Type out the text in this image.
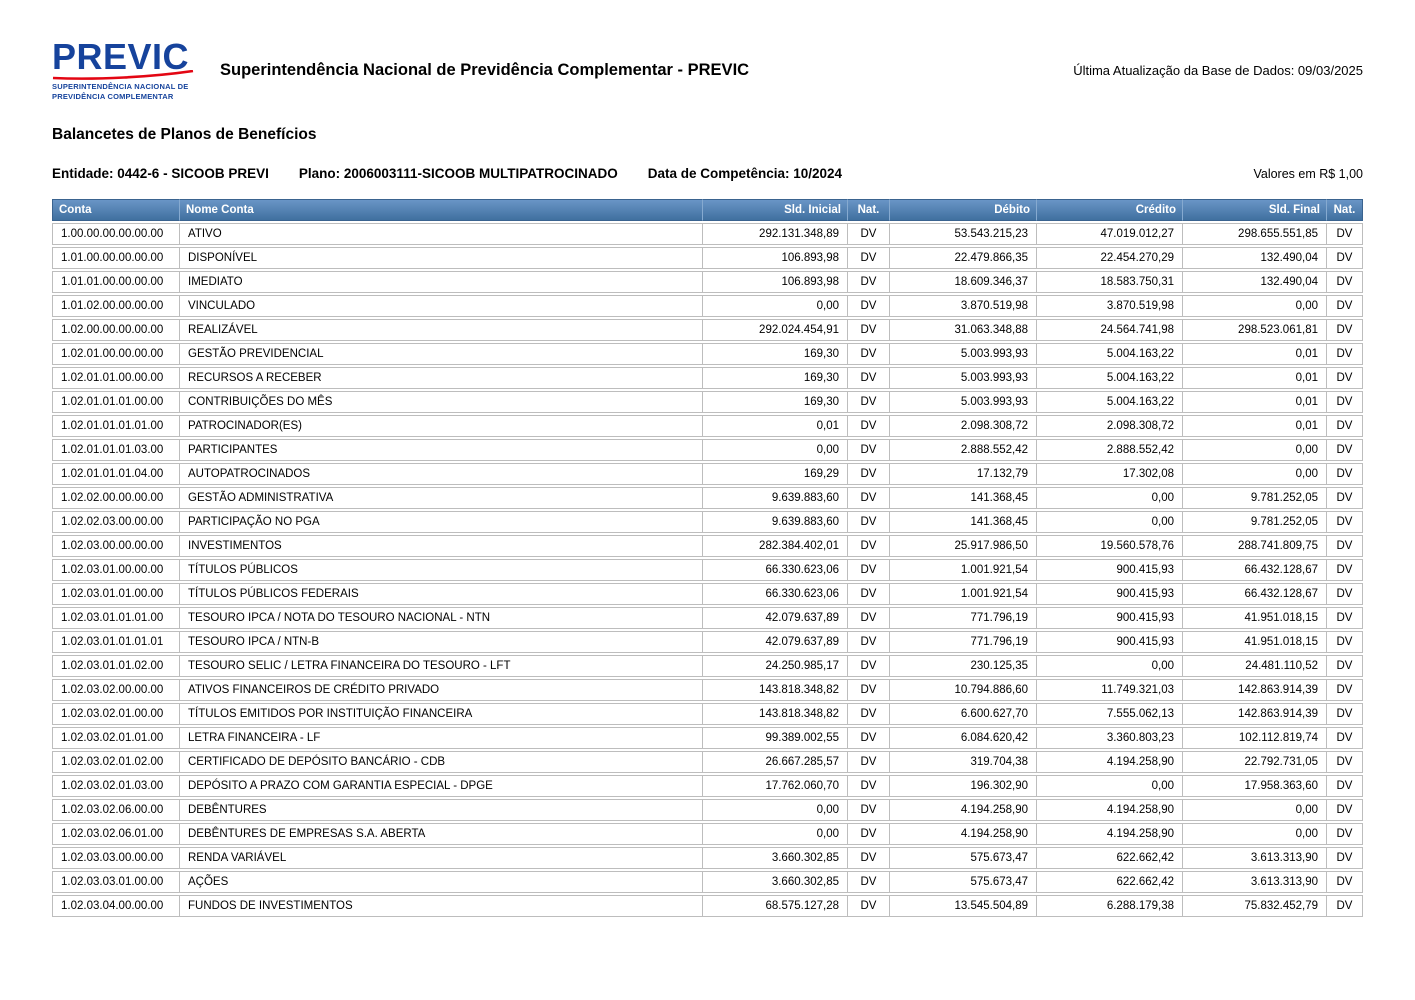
PREVIC
SUPERINTENDÊNCIA NACIONAL DE
PREVIDÊNCIA COMPLEMENTAR
Superintendência Nacional de Previdência Complementar - PREVIC	Última Atualização da Base de Dados: 09/03/2025
Balancetes de Planos de Benefícios
Entidade: 0442-6 - SICOOB PREVI Plano: 2006003111-SICOOB MULTIPATROCINADO Data de Competência: 10/2024	Valores em R$ 1,00
Conta	Nome Conta	Sld. Inicial	Nat.	Débito	Crédito	Sld. Final	Nat.
1.00.00.00.00.00.00	ATIVO	292.131.348,89	DV	53.543.215,23	47.019.012,27	298.655.551,85	DV
1.01.00.00.00.00.00	DISPONÍVEL	106.893,98	DV	22.479.866,35	22.454.270,29	132.490,04	DV
1.01.01.00.00.00.00	IMEDIATO	106.893,98	DV	18.609.346,37	18.583.750,31	132.490,04	DV
1.01.02.00.00.00.00	VINCULADO	0,00	DV	3.870.519,98	3.870.519,98	0,00	DV
1.02.00.00.00.00.00	REALIZÁVEL	292.024.454,91	DV	31.063.348,88	24.564.741,98	298.523.061,81	DV
1.02.01.00.00.00.00	GESTÃO PREVIDENCIAL	169,30	DV	5.003.993,93	5.004.163,22	0,01	DV
1.02.01.01.00.00.00	RECURSOS A RECEBER	169,30	DV	5.003.993,93	5.004.163,22	0,01	DV
1.02.01.01.01.00.00	CONTRIBUIÇÕES DO MÊS	169,30	DV	5.003.993,93	5.004.163,22	0,01	DV
1.02.01.01.01.01.00	PATROCINADOR(ES)	0,01	DV	2.098.308,72	2.098.308,72	0,01	DV
1.02.01.01.01.03.00	PARTICIPANTES	0,00	DV	2.888.552,42	2.888.552,42	0,00	DV
1.02.01.01.01.04.00	AUTOPATROCINADOS	169,29	DV	17.132,79	17.302,08	0,00	DV
1.02.02.00.00.00.00	GESTÃO ADMINISTRATIVA	9.639.883,60	DV	141.368,45	0,00	9.781.252,05	DV
1.02.02.03.00.00.00	PARTICIPAÇÃO NO PGA	9.639.883,60	DV	141.368,45	0,00	9.781.252,05	DV
1.02.03.00.00.00.00	INVESTIMENTOS	282.384.402,01	DV	25.917.986,50	19.560.578,76	288.741.809,75	DV
1.02.03.01.00.00.00	TÍTULOS PÚBLICOS	66.330.623,06	DV	1.001.921,54	900.415,93	66.432.128,67	DV
1.02.03.01.01.00.00	TÍTULOS PÚBLICOS FEDERAIS	66.330.623,06	DV	1.001.921,54	900.415,93	66.432.128,67	DV
1.02.03.01.01.01.00	TESOURO IPCA / NOTA DO TESOURO NACIONAL - NTN	42.079.637,89	DV	771.796,19	900.415,93	41.951.018,15	DV
1.02.03.01.01.01.01	TESOURO IPCA / NTN-B	42.079.637,89	DV	771.796,19	900.415,93	41.951.018,15	DV
1.02.03.01.01.02.00	TESOURO SELIC / LETRA FINANCEIRA DO TESOURO - LFT	24.250.985,17	DV	230.125,35	0,00	24.481.110,52	DV
1.02.03.02.00.00.00	ATIVOS FINANCEIROS DE CRÉDITO PRIVADO	143.818.348,82	DV	10.794.886,60	11.749.321,03	142.863.914,39	DV
1.02.03.02.01.00.00	TÍTULOS EMITIDOS POR INSTITUIÇÃO FINANCEIRA	143.818.348,82	DV	6.600.627,70	7.555.062,13	142.863.914,39	DV
1.02.03.02.01.01.00	LETRA FINANCEIRA - LF	99.389.002,55	DV	6.084.620,42	3.360.803,23	102.112.819,74	DV
1.02.03.02.01.02.00	CERTIFICADO DE DEPÓSITO BANCÁRIO - CDB	26.667.285,57	DV	319.704,38	4.194.258,90	22.792.731,05	DV
1.02.03.02.01.03.00	DEPÓSITO A PRAZO COM GARANTIA ESPECIAL - DPGE	17.762.060,70	DV	196.302,90	0,00	17.958.363,60	DV
1.02.03.02.06.00.00	DEBÊNTURES	0,00	DV	4.194.258,90	4.194.258,90	0,00	DV
1.02.03.02.06.01.00	DEBÊNTURES DE EMPRESAS S.A. ABERTA	0,00	DV	4.194.258,90	4.194.258,90	0,00	DV
1.02.03.03.00.00.00	RENDA VARIÁVEL	3.660.302,85	DV	575.673,47	622.662,42	3.613.313,90	DV
1.02.03.03.01.00.00	AÇÕES	3.660.302,85	DV	575.673,47	622.662,42	3.613.313,90	DV
1.02.03.04.00.00.00	FUNDOS DE INVESTIMENTOS	68.575.127,28	DV	13.545.504,89	6.288.179,38	75.832.452,79	DV
